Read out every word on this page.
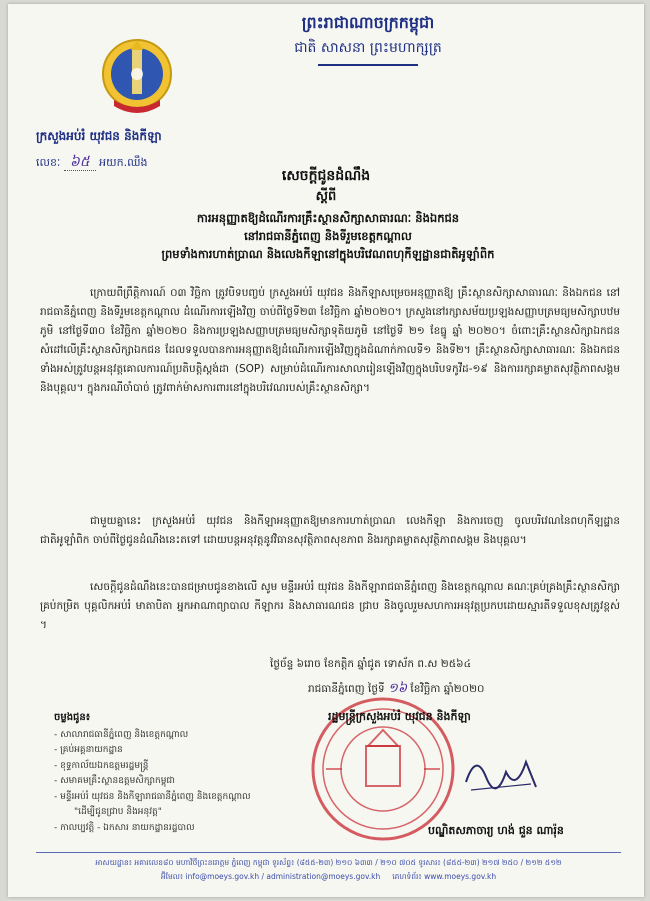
ព្រះរាជាណាចក្រកម្ពុជា
ជាតិ សាសនា ព្រះមហាក្សត្រ
ក្រសួងអប់រំ យុវជន និងកីឡា
លេខៈ ៦៥ អយក.ឈឹង
សេចក្តីជូនដំណឹង
ស្តីពី
ការអនុញ្ញាតឱ្យដំណើរការគ្រឹះស្ថានសិក្សាសាធារណៈ និងឯកជន
នៅរាជធានីភ្នំពេញ និងទីរួមខេត្តកណ្តាល
ព្រមទាំងការហាត់ប្រាណ និងលេងកីឡានៅក្នុងបរិវេណពហុកីឡដ្ឋានជាតិអូឡាំពិក
ក្រោយពីព្រឹត្តិការណ៍ ០៣ វិច្ឆិកា ត្រូវបិទបញ្ចប់ ក្រសួងអប់រំ យុវជន និងកីឡាសម្រេចអនុញ្ញាតឱ្យ គ្រឹះស្ថានសិក្សាសាធារណៈ និងឯកជន នៅរាជធានីភ្នំពេញ និងទីរួមខេត្តកណ្តាល ដំណើរការឡើងវិញ ចាប់ពីថ្ងៃទី២៣ ខែវិច្ឆិកា ឆ្នាំ២០២០។ ក្រសួងនៅរក្សាសម័យប្រឡងសញ្ញាបត្រមធ្យមសិក្សាបឋមភូមិ នៅថ្ងៃទី៣០ ខែវិច្ឆិកា ឆ្នាំ២០២០ និងការប្រឡងសញ្ញាបត្រមធ្យមសិក្សាទុតិយភូមិ នៅថ្ងៃទី ២១ ខែធ្នូ ឆ្នាំ ២០២០។ ចំពោះគ្រឹះស្ថានសិក្សាឯកជន សំដៅលើគ្រឹះស្ថានសិក្សាឯកជន ដែលទទួលបានការអនុញ្ញាតឱ្យដំណើរការឡើងវិញក្នុងដំណាក់កាលទី១ និងទី២។ គ្រឹះស្ថានសិក្សាសាធារណៈ និងឯកជនទាំងអស់ត្រូវបន្តអនុវត្តគោលការណ៍ប្រតិបត្តិស្តង់ដា (SOP) សម្រាប់ដំណើរការសាលារៀនឡើងវិញក្នុងបរិបទកូវីដ-១៩ និងការរក្សាគម្លាតសុវត្ថិភាពសង្គម និងបុគ្គល។ ក្នុងករណីចាំបាច់ ត្រូវពាក់ម៉ាសការពារនៅក្នុងបរិវេណរបស់គ្រឹះស្ថានសិក្សា។
ជាមួយគ្នានេះ ក្រសួងអប់រំ យុវជន និងកីឡាអនុញ្ញាតឱ្យមានការហាត់ប្រាណ លេងកីឡា និងការចេញ ចូលបរិវេណនៃពហុកីឡដ្ឋានជាតិអូឡាំពិក ចាប់ពីថ្ងៃជូនដំណឹងនេះតទៅ ដោយបន្តអនុវត្តនូវវិធានសុវត្ថិភាពសុខភាព និងរក្សាគម្លាតសុវត្ថិភាពសង្គម និងបុគ្គល។
សេចក្តីជូនដំណឹងនេះបានជម្រាបជូនខាងលើ សូម មន្ទីរអប់រំ យុវជន និងកីឡារាជធានីភ្នំពេញ និងខេត្តកណ្តាល គណៈគ្រប់គ្រងគ្រឹះស្ថានសិក្សាគ្រប់កម្រិត បុគ្គលិកអប់រំ មាតាបិតា អ្នកអាណាព្យាបាល កីឡាករ និងសាធារណជន ជ្រាប និងចូលរួមសហការអនុវត្តប្រកបដោយស្មារតីទទួលខុសត្រូវខ្ពស់ ។
ថ្ងៃច័ន្ទ ៦រោច ខែកត្តិក ឆ្នាំជូត ទោស័ក ព.ស ២៥៦៤
រាជធានីភ្នំពេញ ថ្ងៃទី ១៦ ខែវិច្ឆិកា ឆ្នាំ២០២០
រដ្ឋមន្ត្រីក្រសួងអប់រំ យុវជន និងកីឡា
បណ្ឌិតសភាចារ្យ ហង់ ជួន ណារ៉ុន
ចម្លងជូន៖
- សាលារាជធានីភ្នំពេញ និងខេត្តកណ្តាល
- គ្រប់អគ្គនាយកដ្ឋាន
- ខុទ្ទកាល័យឯកឧត្តមរដ្ឋមន្ត្រី
- សមាគមគ្រឹះស្ថានឧត្តមសិក្សាកម្ពុជា
- មន្ទីរអប់រំ យុវជន និងកីឡារាជធានីភ្នំពេញ និងខេត្តកណ្តាល
"ដើម្បីជូនជ្រាប និងអនុវត្ត"
- កាលប្បវត្តិ - ឯកសារ នាយកដ្ឋានរដ្ឋបាល
អាសយដ្ឋាន៖ អគារលេខ៨០ មហាវិថីព្រះនរោត្តម ភ្នំពេញ កម្ពុជា ទូរស័ព្ទ៖ (៨៥៥-២៣) ២១០ ៦៣៣ / ២១០ ៧០៥ ទូរសារ៖ (៨៥៥-២៣) ២១៧ ២៥០ / ២១២ ៥១២
អ៊ីមែល៖ info@moeys.gov.kh / administration@moeys.gov.kh គេហទំព័រ៖ www.moeys.gov.kh
